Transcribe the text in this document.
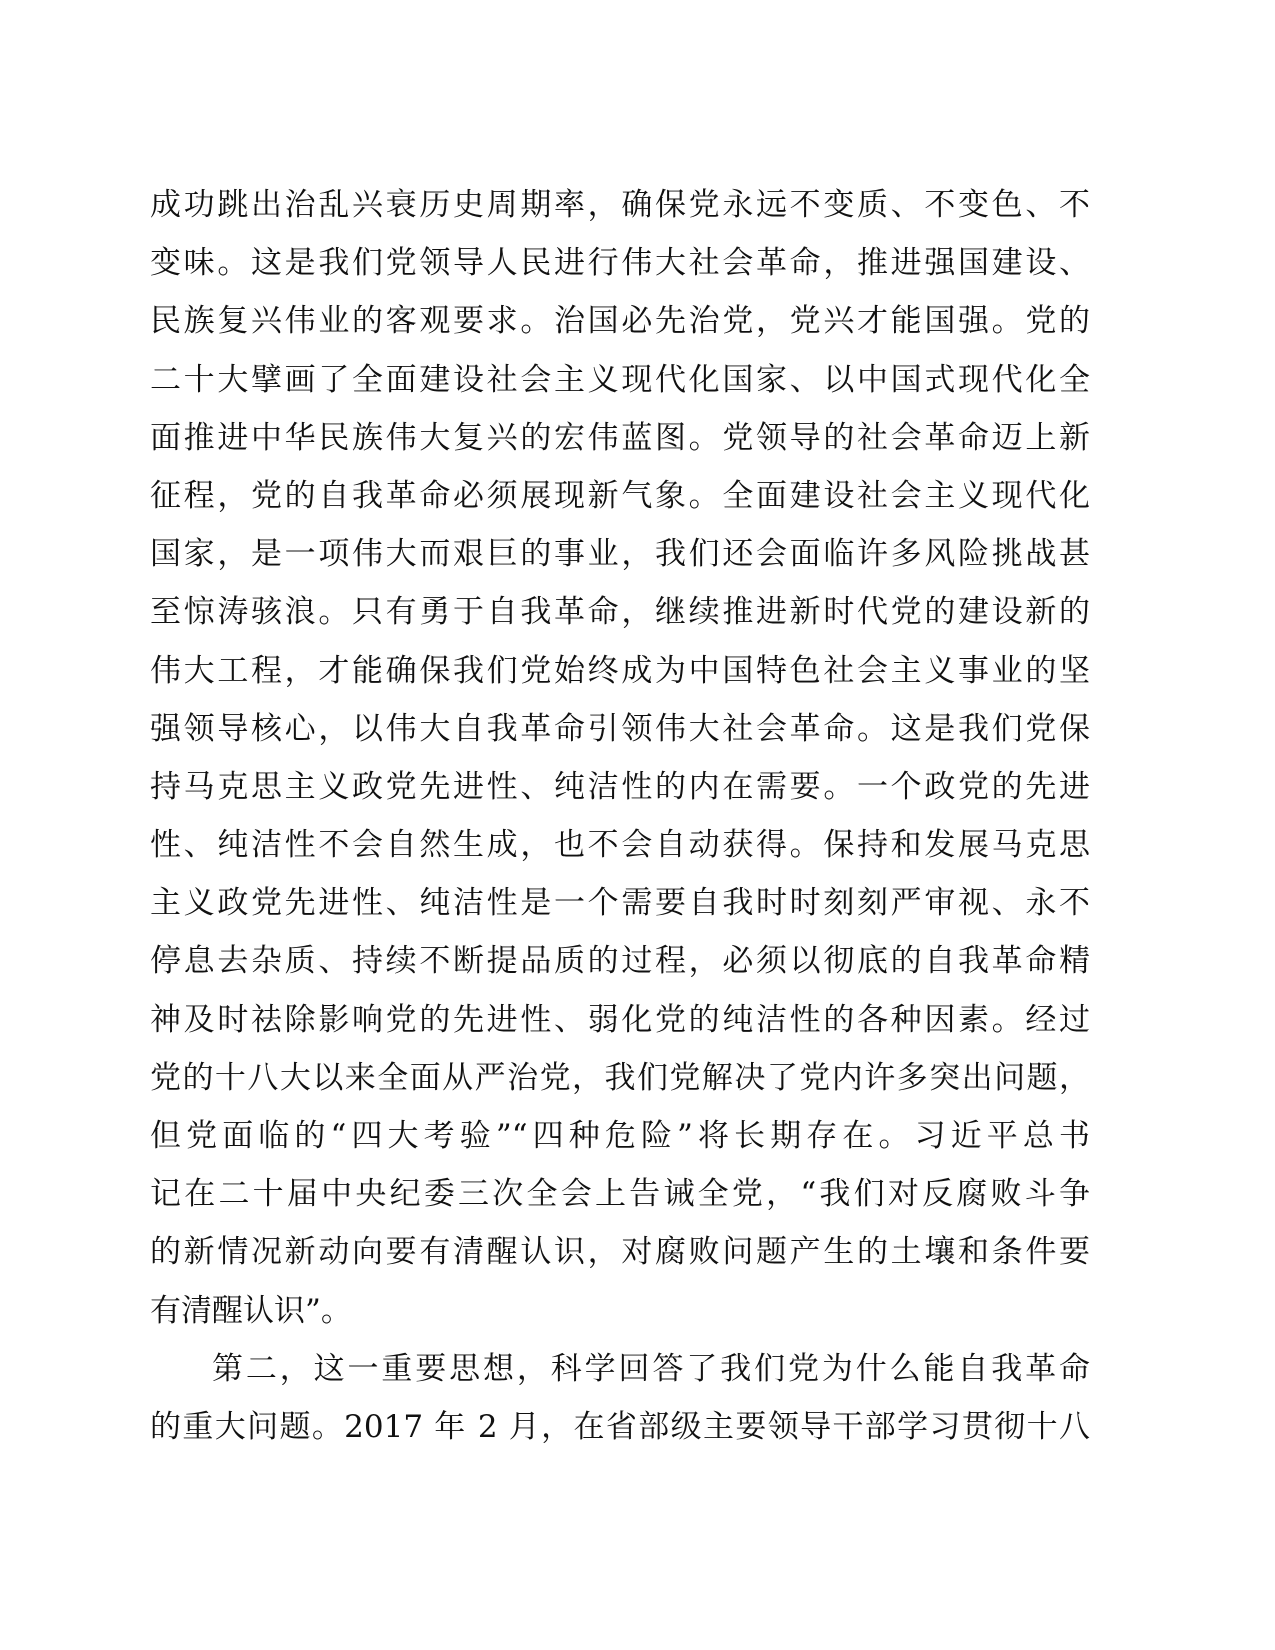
成功跳出治乱兴衰历史周期率，确保党永远不变质、不变色、不
变味。这是我们党领导人民进行伟大社会革命，推进强国建设、
民族复兴伟业的客观要求。治国必先治党，党兴才能国强。党的
二十大擘画了全面建设社会主义现代化国家、以中国式现代化全
面推进中华民族伟大复兴的宏伟蓝图。党领导的社会革命迈上新
征程，党的自我革命必须展现新气象。全面建设社会主义现代化
国家，是一项伟大而艰巨的事业，我们还会面临许多风险挑战甚
至惊涛骇浪。只有勇于自我革命，继续推进新时代党的建设新的
伟大工程，才能确保我们党始终成为中国特色社会主义事业的坚
强领导核心，以伟大自我革命引领伟大社会革命。这是我们党保
持马克思主义政党先进性、纯洁性的内在需要。一个政党的先进
性、纯洁性不会自然生成，也不会自动获得。保持和发展马克思
主义政党先进性、纯洁性是一个需要自我时时刻刻严审视、永不
停息去杂质、持续不断提品质的过程，必须以彻底的自我革命精
神及时祛除影响党的先进性、弱化党的纯洁性的各种因素。经过
党的十八大以来全面从严治党，我们党解决了党内许多突出问题，
但党面临的“四大考验”“四种危险”将长期存在。习近平总书
记在二十届中央纪委三次全会上告诫全党，“我们对反腐败斗争
的新情况新动向要有清醒认识，对腐败问题产生的土壤和条件要
有清醒认识”。
第二，这一重要思想，科学回答了我们党为什么能自我革命
的重大问题。2017 年 2 月，在省部级主要领导干部学习贯彻十八
